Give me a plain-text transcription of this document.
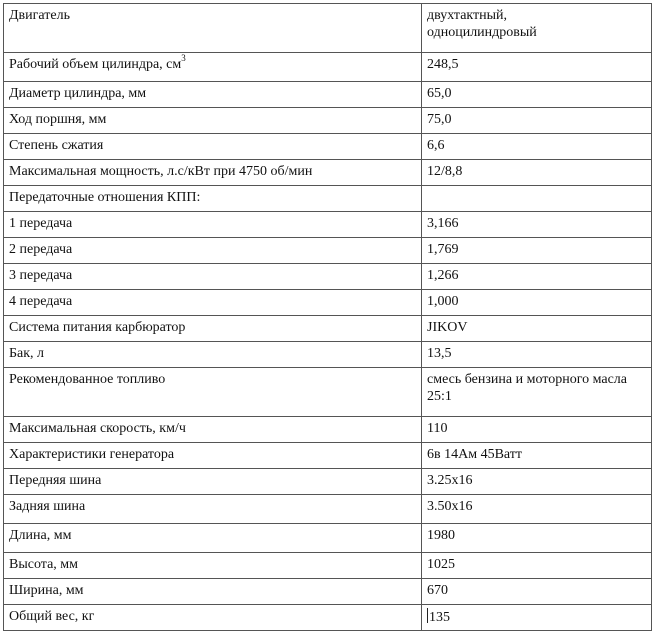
Двигатель	двухтактный, одноцилиндровый
Рабочий объем цилиндра, $см^3$	248,5
Диаметр цилиндра, мм	65,0
Ход поршня, мм	75,0
Степень сжатия	6,6
Максимальная мощность, л.с/кВт при 4750 об/мин	12/8,8
Передаточные отношения КПП:	
1 передача	3,166
2 передача	1,769
3 передача	1,266
4 передача	1,000
Система питания карбюратор	JIKOV
Бак, л	13,5
Рекомендованное топливо	смесь бензина и моторного масла 25:1
Максимальная скорость, км/ч	110
Характеристики генератора	6в 14Ам 45Ватт
Передняя шина	3.25x16
Задняя шина	3.50x16
Длина, мм	1980
Высота, мм	1025
Ширина, мм	670
Общий вес, кг	135
